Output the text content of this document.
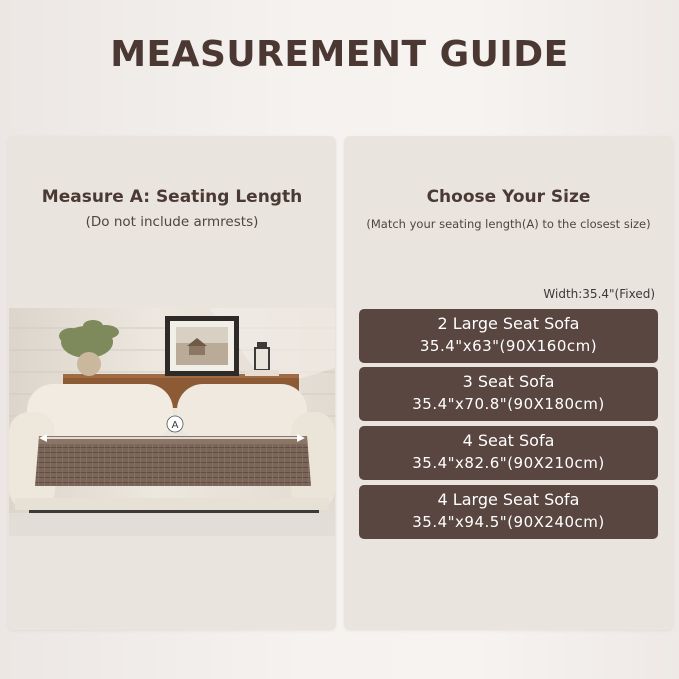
MEASUREMENT GUIDE
Measure A: Seating Length
(Do not include armrests)
A
Choose Your Size
(Match your seating length(A) to the closest size)
Width:35.4"(Fixed)
2 Large Seat Sofa
35.4"x63"(90X160cm)
3 Seat Sofa
35.4"x70.8"(90X180cm)
4 Seat Sofa
35.4"x82.6"(90X210cm)
4 Large Seat Sofa
35.4"x94.5"(90X240cm)
